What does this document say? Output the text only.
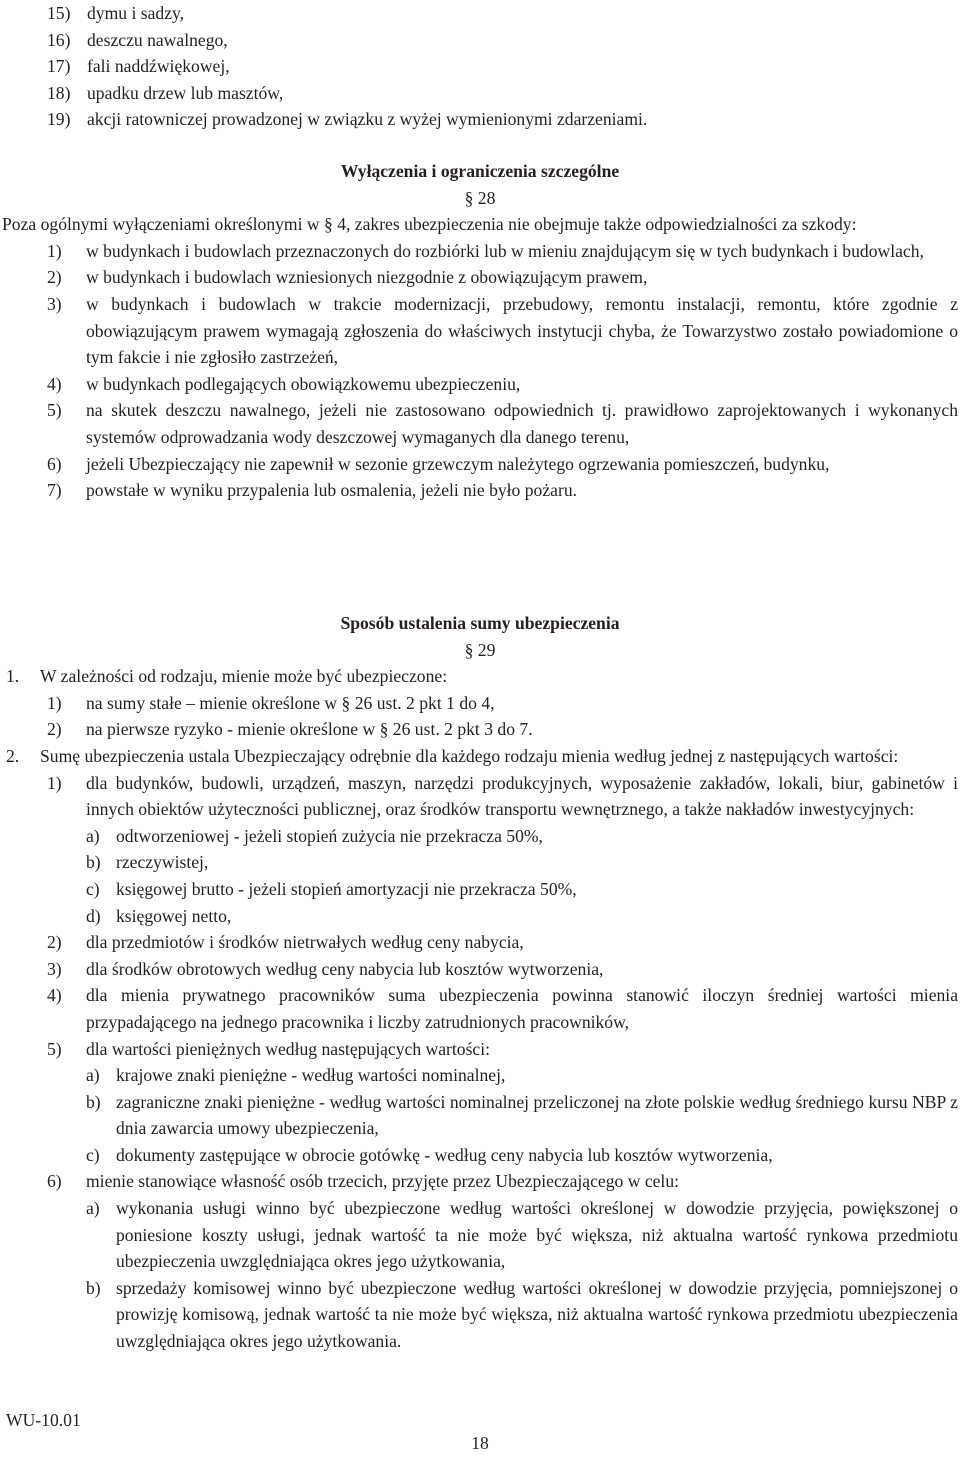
15) dymu i sadzy,
16) deszczu nawalnego,
17) fali naddźwiękowej,
18) upadku drzew lub masztów,
19) akcji ratowniczej prowadzonej w związku z wyżej wymienionymi zdarzeniami.
Wyłączenia i ograniczenia szczególne
§ 28
Poza ogólnymi wyłączeniami określonymi w § 4, zakres ubezpieczenia nie obejmuje także odpowiedzialności za szkody:
1) w budynkach i budowlach przeznaczonych do rozbiórki lub w mieniu znajdującym się w tych budynkach i budowlach,
2) w budynkach i budowlach wzniesionych niezgodnie z obowiązującym prawem,
3) w budynkach i budowlach w trakcie modernizacji, przebudowy, remontu instalacji, remontu, które zgodnie z obowiązującym prawem wymagają zgłoszenia do właściwych instytucji chyba, że Towarzystwo zostało powiadomione o tym fakcie i nie zgłosiło zastrzeżeń,
4) w budynkach podlegających obowiązkowemu ubezpieczeniu,
5) na skutek deszczu nawalnego, jeżeli nie zastosowano odpowiednich tj. prawidłowo zaprojektowanych i wykonanych systemów odprowadzania wody deszczowej wymaganych dla danego terenu,
6) jeżeli Ubezpieczający nie zapewnił w sezonie grzewczym należytego ogrzewania pomieszczeń, budynku,
7) powstałe w wyniku przypalenia lub osmalenia, jeżeli nie było pożaru.
Sposób ustalenia sumy ubezpieczenia
§ 29
1. W zależności od rodzaju, mienie może być ubezpieczone:
1) na sumy stałe – mienie określone w § 26 ust. 2 pkt 1 do 4,
2) na pierwsze ryzyko - mienie określone w § 26 ust. 2 pkt 3 do 7.
2. Sumę ubezpieczenia ustala Ubezpieczający odrębnie dla każdego rodzaju mienia według jednej z następujących wartości:
1) dla budynków, budowli, urządzeń, maszyn, narzędzi produkcyjnych, wyposażenie zakładów, lokali, biur, gabinetów i innych obiektów użyteczności publicznej, oraz środków transportu wewnętrznego, a także nakładów inwestycyjnych:
a) odtworzeniowej - jeżeli stopień zużycia nie przekracza 50%,
b) rzeczywistej,
c) księgowej brutto - jeżeli stopień amortyzacji nie przekracza 50%,
d) księgowej netto,
2) dla przedmiotów i środków nietrwałych według ceny nabycia,
3) dla środków obrotowych według ceny nabycia lub kosztów wytworzenia,
4) dla mienia prywatnego pracowników suma ubezpieczenia powinna stanowić iloczyn średniej wartości mienia przypadającego na jednego pracownika i liczby zatrudnionych pracowników,
5) dla wartości pieniężnych według następujących wartości:
a) krajowe znaki pieniężne - według wartości nominalnej,
b) zagraniczne znaki pieniężne - według wartości nominalnej przeliczonej na złote polskie według średniego kursu NBP z dnia zawarcia umowy ubezpieczenia,
c) dokumenty zastępujące w obrocie gotówkę - według ceny nabycia lub kosztów wytworzenia,
6) mienie stanowiące własność osób trzecich, przyjęte przez Ubezpieczającego w celu:
a) wykonania usługi winno być ubezpieczone według wartości określonej w dowodzie przyjęcia, powiększonej o poniesione koszty usługi, jednak wartość ta nie może być większa, niż aktualna wartość rynkowa przedmiotu ubezpieczenia uwzględniająca okres jego użytkowania,
b) sprzedaży komisowej winno być ubezpieczone według wartości określonej w dowodzie przyjęcia, pomniejszonej o prowizję komisową, jednak wartość ta nie może być większa, niż aktualna wartość rynkowa przedmiotu ubezpieczenia uwzględniająca okres jego użytkowania.
WU-10.01
18
